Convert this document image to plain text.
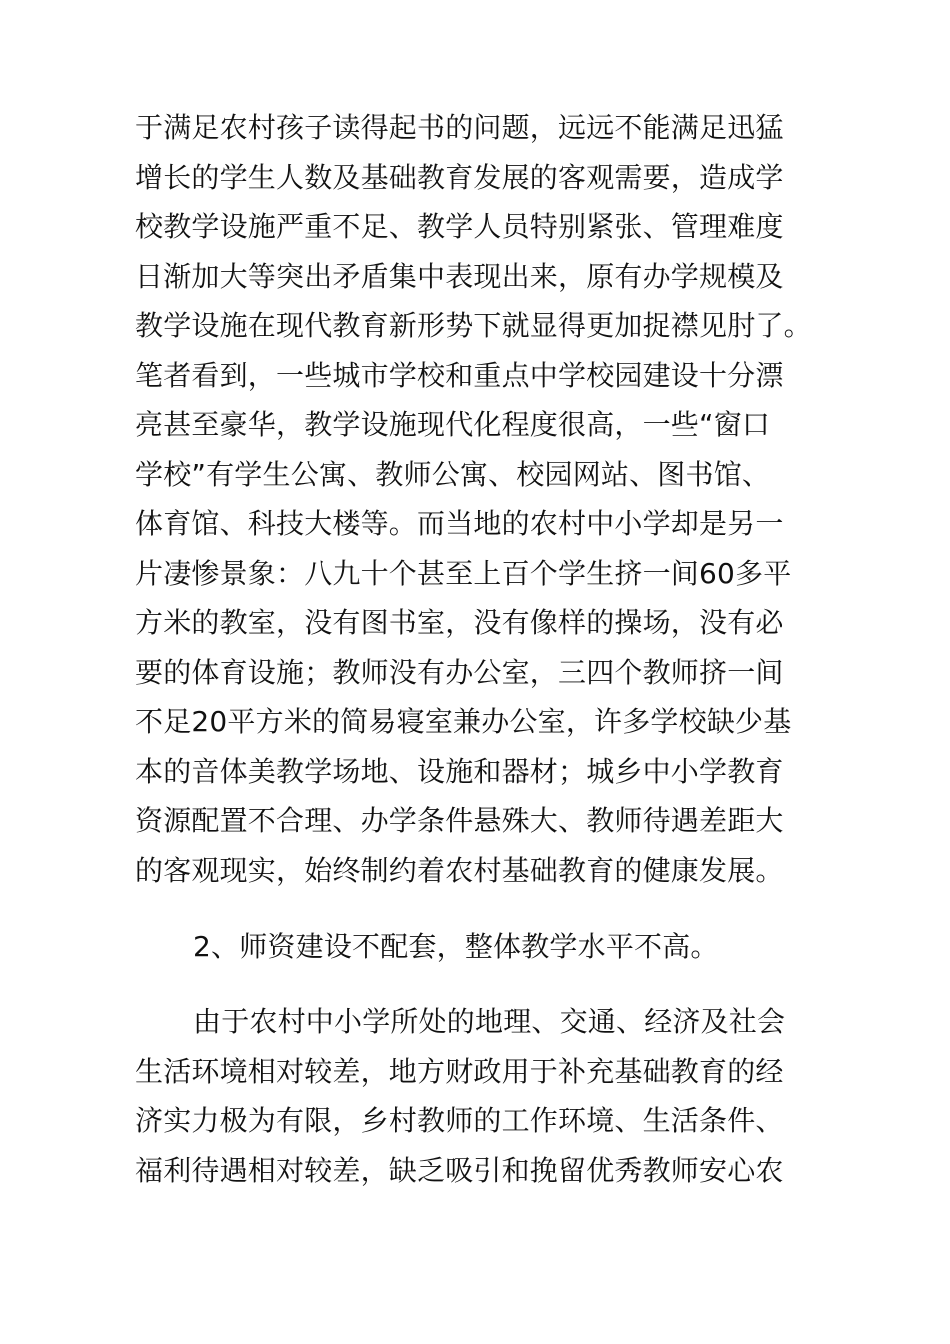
于满足农村孩子读得起书的问题，远远不能满足迅猛
增长的学生人数及基础教育发展的客观需要，造成学
校教学设施严重不足、教学人员特别紧张、管理难度
日渐加大等突出矛盾集中表现出来，原有办学规模及
教学设施在现代教育新形势下就显得更加捉襟见肘了。
笔者看到，一些城市学校和重点中学校园建设十分漂
亮甚至豪华，教学设施现代化程度很高，一些“窗口
学校”有学生公寓、教师公寓、校园网站、图书馆、
体育馆、科技大楼等。而当地的农村中小学却是另一
片凄惨景象：八九十个甚至上百个学生挤一间60多平
方米的教室，没有图书室，没有像样的操场，没有必
要的体育设施；教师没有办公室，三四个教师挤一间
不足20平方米的简易寝室兼办公室，许多学校缺少基
本的音体美教学场地、设施和器材；城乡中小学教育
资源配置不合理、办学条件悬殊大、教师待遇差距大
的客观现实，始终制约着农村基础教育的健康发展。
2、师资建设不配套，整体教学水平不高。
由于农村中小学所处的地理、交通、经济及社会
生活环境相对较差，地方财政用于补充基础教育的经
济实力极为有限，乡村教师的工作环境、生活条件、
福利待遇相对较差，缺乏吸引和挽留优秀教师安心农
